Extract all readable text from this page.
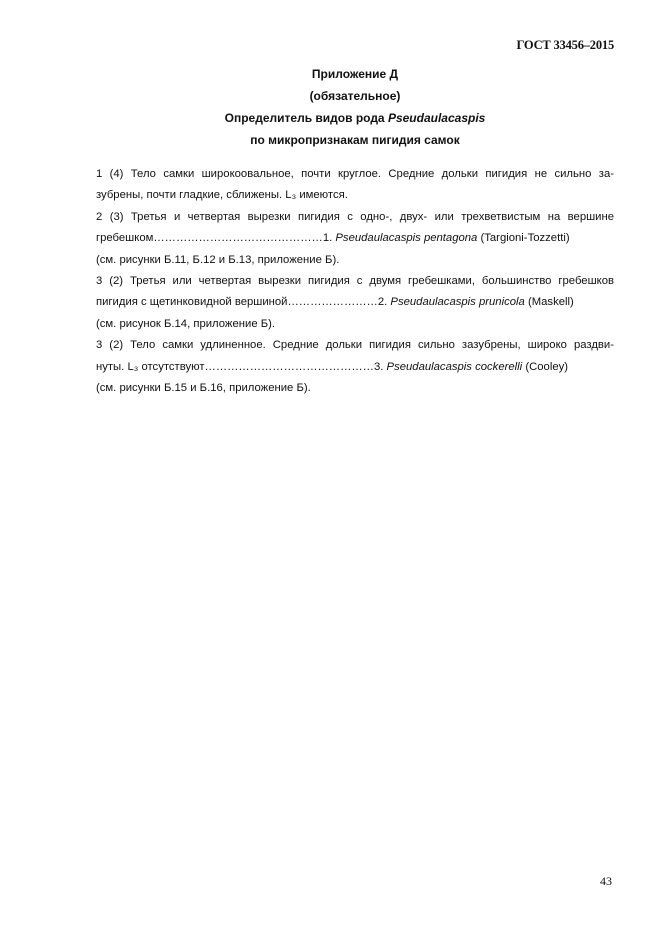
ГОСТ 33456–2015
Приложение Д
(обязательное)
Определитель видов рода Pseudaulacaspis
по микропризнакам пигидия самок
1 (4) Тело самки широкоовальное, почти круглое. Средние дольки пигидия не сильно за-
зубрены, почти гладкие, сближены. L₃ имеются.
2 (3) Третья и четвертая вырезки пигидия с одно-, двух- или трехветвистым на вершине
гребешком………………………………………1. Pseudaulacaspis pentagona (Targioni-Tozzetti)
(см. рисунки Б.11, Б.12 и Б.13, приложение Б).
3 (2) Третья или четвертая вырезки пигидия с двумя гребешками, большинство гребешков
пигидия с щетинковидной вершиной……………………2. Pseudaulacaspis prunicola (Maskell)
(см. рисунок Б.14, приложение Б).
3 (2) Тело самки удлиненное. Средние дольки пигидия сильно зазубрены, широко раздви-
нуты. L₃ отсутствуют………………………………………3. Pseudaulacaspis cockerelli (Cooley)
(см. рисунки Б.15 и Б.16, приложение Б).
43
